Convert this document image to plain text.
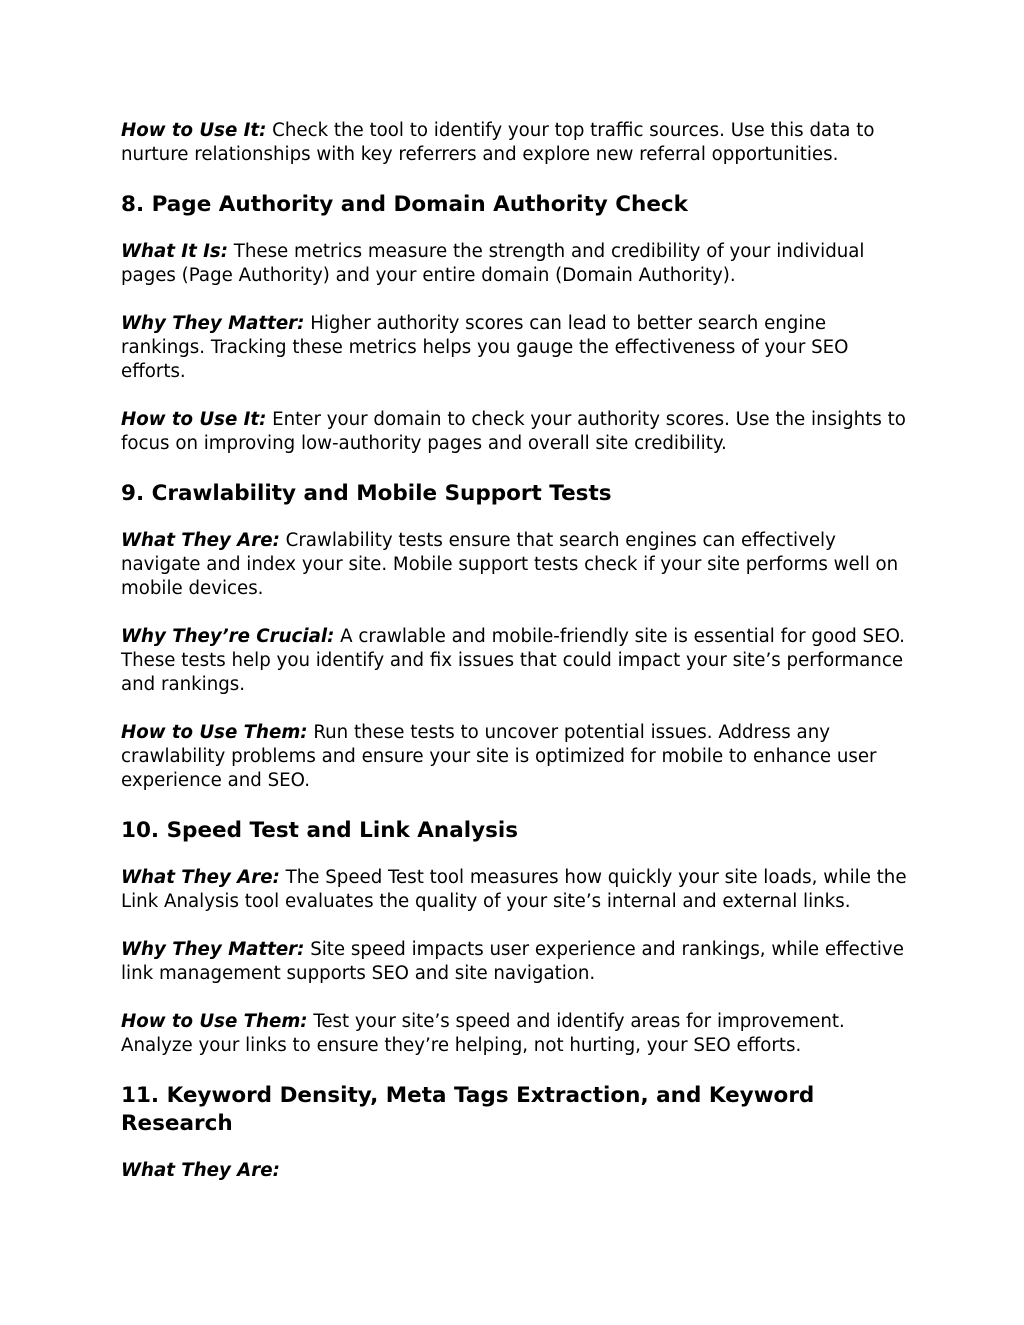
How to Use It: Check the tool to identify your top traffic sources. Use this data to nurture relationships with key referrers and explore new referral opportunities.

8. Page Authority and Domain Authority Check

What It Is: These metrics measure the strength and credibility of your individual pages (Page Authority) and your entire domain (Domain Authority).

Why They Matter: Higher authority scores can lead to better search engine rankings. Tracking these metrics helps you gauge the effectiveness of your SEO efforts.

How to Use It: Enter your domain to check your authority scores. Use the insights to focus on improving low-authority pages and overall site credibility.

9. Crawlability and Mobile Support Tests

What They Are: Crawlability tests ensure that search engines can effectively navigate and index your site. Mobile support tests check if your site performs well on mobile devices.

Why They’re Crucial: A crawlable and mobile-friendly site is essential for good SEO. These tests help you identify and fix issues that could impact your site’s performance and rankings.

How to Use Them: Run these tests to uncover potential issues. Address any crawlability problems and ensure your site is optimized for mobile to enhance user experience and SEO.

10. Speed Test and Link Analysis

What They Are: The Speed Test tool measures how quickly your site loads, while the Link Analysis tool evaluates the quality of your site’s internal and external links.

Why They Matter: Site speed impacts user experience and rankings, while effective link management supports SEO and site navigation.

How to Use Them: Test your site’s speed and identify areas for improvement. Analyze your links to ensure they’re helping, not hurting, your SEO efforts.

11. Keyword Density, Meta Tags Extraction, and Keyword Research

What They Are:
